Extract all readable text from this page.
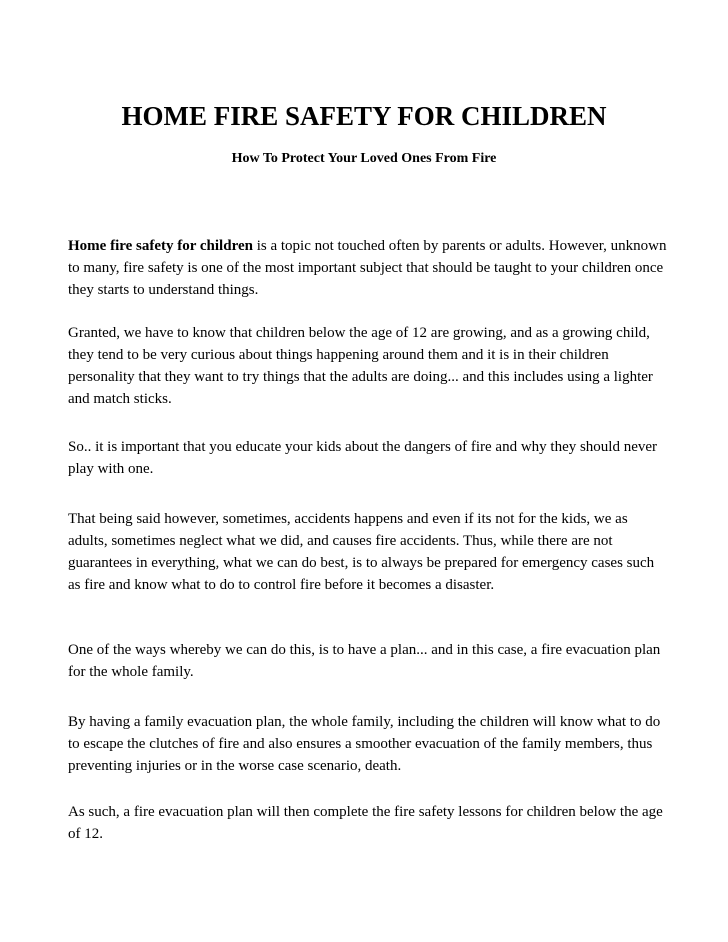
HOME FIRE SAFETY FOR CHILDREN

How To Protect Your Loved Ones From Fire

Home fire safety for children is a topic not touched often by parents or adults. However, unknown to many, fire safety is one of the most important subject that should be taught to your children once they starts to understand things.

Granted, we have to know that children below the age of 12 are growing, and as a growing child, they tend to be very curious about things happening around them and it is in their children personality that they want to try things that the adults are doing... and this includes using a lighter and match sticks.

So.. it is important that you educate your kids about the dangers of fire and why they should never play with one.

That being said however, sometimes, accidents happens and even if its not for the kids, we as adults, sometimes neglect what we did, and causes fire accidents. Thus, while there are not guarantees in everything, what we can do best, is to always be prepared for emergency cases such as fire and know what to do to control fire before it becomes a disaster.

One of the ways whereby we can do this, is to have a plan... and in this case, a fire evacuation plan for the whole family.

By having a family evacuation plan, the whole family, including the children will know what to do to escape the clutches of fire and also ensures a smoother evacuation of the family members, thus preventing injuries or in the worse case scenario, death.

As such, a fire evacuation plan will then complete the fire safety lessons for children below the age of 12.
